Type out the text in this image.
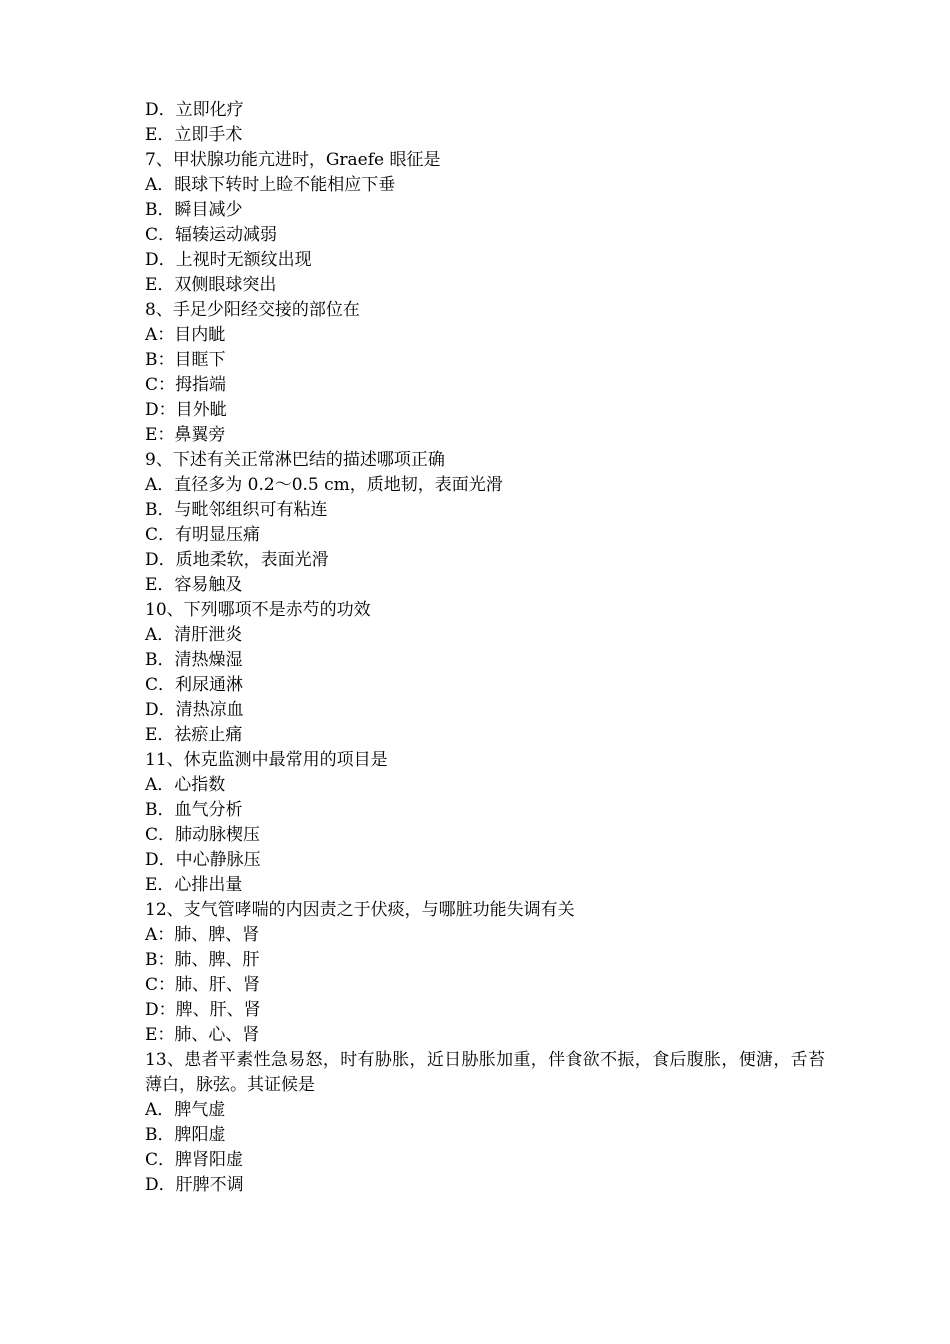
D．立即化疗
E．立即手术
7、甲状腺功能亢进时，Graefe 眼征是
A．眼球下转时上睑不能相应下垂
B．瞬目减少
C．辐辏运动减弱
D．上视时无额纹出现
E．双侧眼球突出
8、手足少阳经交接的部位在
A：目内眦
B：目眶下
C：拇指端
D：目外眦
E：鼻翼旁
9、下述有关正常淋巴结的描述哪项正确
A．直径多为 0.2～0.5 cm，质地韧，表面光滑
B．与毗邻组织可有粘连
C．有明显压痛
D．质地柔软，表面光滑
E．容易触及
10、下列哪项不是赤芍的功效
A．清肝泄炎
B．清热燥湿
C．利尿通淋
D．清热凉血
E．祛瘀止痛
11、休克监测中最常用的项目是
A．心指数
B．血气分析
C．肺动脉楔压
D．中心静脉压
E．心排出量
12、支气管哮喘的内因责之于伏痰，与哪脏功能失调有关
A：肺、脾、肾
B：肺、脾、肝
C：肺、肝、肾
D：脾、肝、肾
E：肺、心、肾
13、患者平素性急易怒，时有胁胀，近日胁胀加重，伴食欲不振，食后腹胀，便溏，舌苔薄白，脉弦。其证候是
A．脾气虚
B．脾阳虚
C．脾肾阳虚
D．肝脾不调
